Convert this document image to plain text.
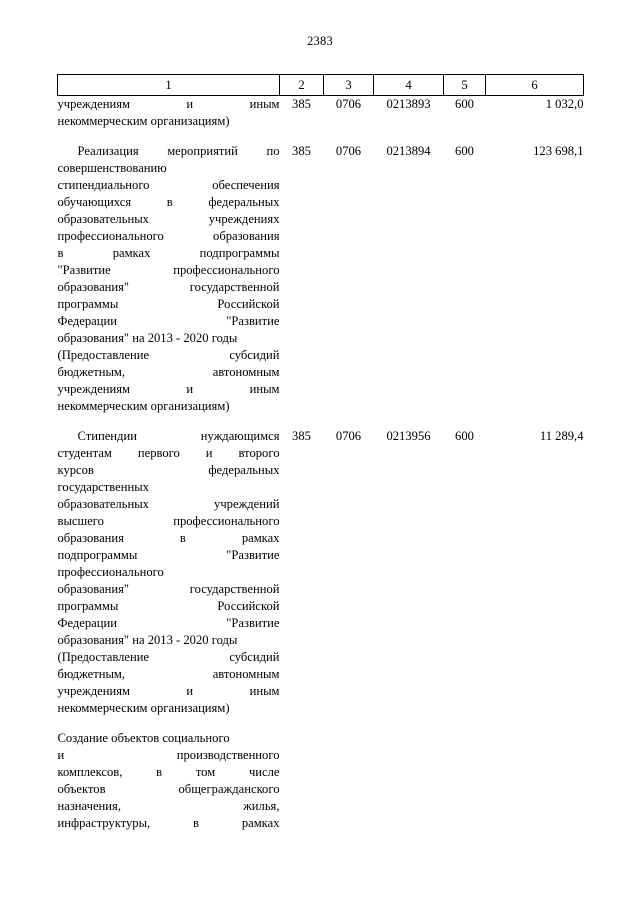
2383
1	2	3	4	5	6

учреждениям и иным
некоммерческим организациям)	385	0706	0213893	600	1 032,0

Реализация мероприятий по
совершенствованию
стипендиального обеспечения
обучающихся в федеральных
образовательных учреждениях
профессионального образования
в рамках подпрограммы
"Развитие профессионального
образования" государственной
программы Российской
Федерации "Развитие
образования" на 2013 - 2020 годы
(Предоставление субсидий
бюджетным, автономным
учреждениям и иным
некоммерческим организациям)
	385	0706	0213894	600	123 698,1

Стипендии нуждающимся
студентам первого и второго
курсов федеральных
государственных
образовательных учреждений
высшего профессионального
образования в рамках
подпрограммы "Развитие
профессионального
образования" государственной
программы Российской
Федерации "Развитие
образования" на 2013 - 2020 годы
(Предоставление субсидий
бюджетным, автономным
учреждениям и иным
некоммерческим организациям)
	385	0706	0213956	600	11 289,4

Создание объектов социального
и производственного
комплексов, в том числе
объектов общегражданского
назначения, жилья,
инфраструктуры, в рамках
